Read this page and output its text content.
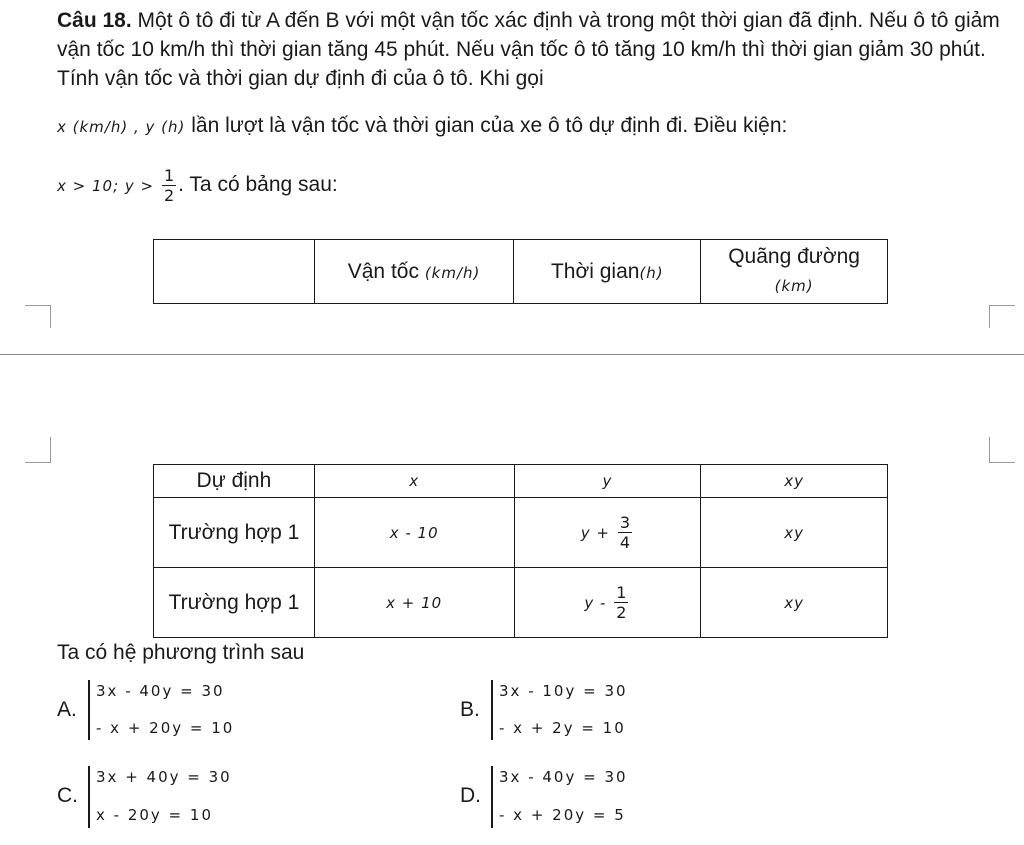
Câu 18. Một ô tô đi từ A đến B với một vận tốc xác định và trong một thời gian đã định. Nếu ô tô giảm vận tốc 10 km/h thì thời gian tăng 45 phút. Nếu vận tốc ô tô tăng 10 km/h thì thời gian giảm 30 phút. Tính vận tốc và thời gian dự định đi của ô tô. Khi gọi
x (km/h) , y (h) lần lượt là vận tốc và thời gian của xe ô tô dự định đi. Điều kiện:
x > 10; $y > \frac{1}{2}$ . Ta có bảng sau:
	Vận tốc (km/h)	Thời gian(h)	Quãng đường
(km)
Dự định	x	y	xy
Trường hợp 1	x - 10	$y + \frac{3}{4}$	xy
Trường hợp 1	x + 10	y - $\frac{1}{2}$	xy
Ta có hệ phương trình sau
A.
3x - 40y = 30
- x + 20y = 10
B.
3x - 10y = 30
- x + 2y = 10
C.
3x + 40y = 30
x - 20y = 10
D.
3x - 40y = 30
- x + 20y = 5
